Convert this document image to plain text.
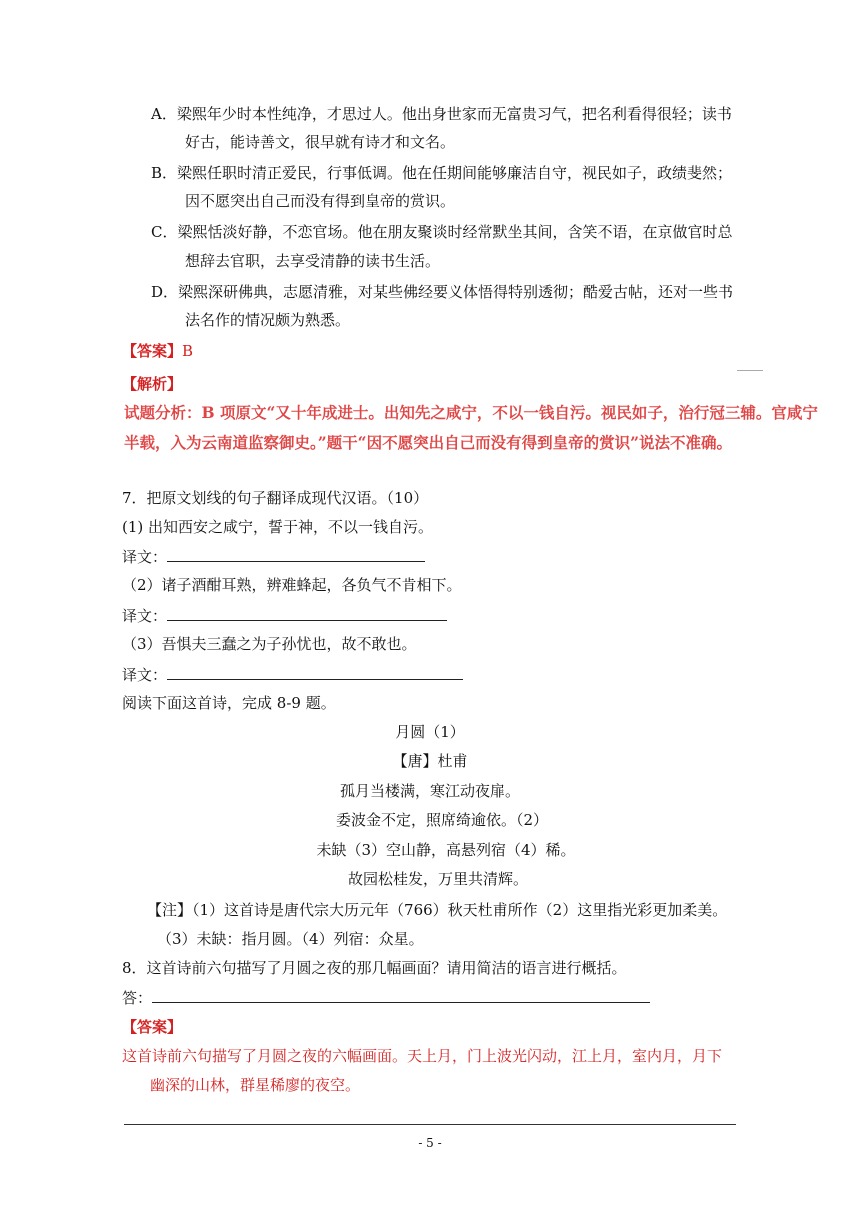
A．梁熙年少时本性纯净，才思过人。他出身世家而无富贵习气，把名利看得很轻；读书
好古，能诗善文，很早就有诗才和文名。
B．梁熙任职时清正爱民，行事低调。他在任期间能够廉洁自守，视民如子，政绩斐然；
因不愿突出自己而没有得到皇帝的赏识。
C．梁熙恬淡好静，不恋官场。他在朋友聚谈时经常默坐其间，含笑不语，在京做官时总
想辞去官职，去享受清静的读书生活。
D．梁熙深研佛典，志愿清雅，对某些佛经要义体悟得特别透彻；酷爱古帖，还对一些书
法名作的情况颇为熟悉。
【答案】B
【解析】
试题分析：B 项原文“又十年成进士。出知先之咸宁，不以一钱自污。视民如子，治行冠三辅。官咸宁
半载，入为云南道监察御史。”题干“因不愿突出自己而没有得到皇帝的赏识”说法不准确。
7．把原文划线的句子翻译成现代汉语。（10）
(1) 出知西安之咸宁，誓于神，不以一钱自污。
译文：
（2）诸子酒酣耳熟，辨难蜂起，各负气不肯相下。
译文：
（3）吾惧夫三蠢之为子孙忧也，故不敢也。
译文：
阅读下面这首诗，完成 8-9 题。
月圆（1）
【唐】杜甫
孤月当楼满，寒江动夜扉。
委波金不定，照席绮逾依。（2）
未缺（3）空山静，高悬列宿（4）稀。
故园松桂发，万里共清辉。
【注】（1）这首诗是唐代宗大历元年（766）秋天杜甫所作（2）这里指光彩更加柔美。
（3）未缺：指月圆。（4）列宿：众星。
8．这首诗前六句描写了月圆之夜的那几幅画面？请用简洁的语言进行概括。
答：
【答案】
这首诗前六句描写了月圆之夜的六幅画面。天上月，门上波光闪动，江上月，室内月，月下
幽深的山林，群星稀廖的夜空。
- 5 -
